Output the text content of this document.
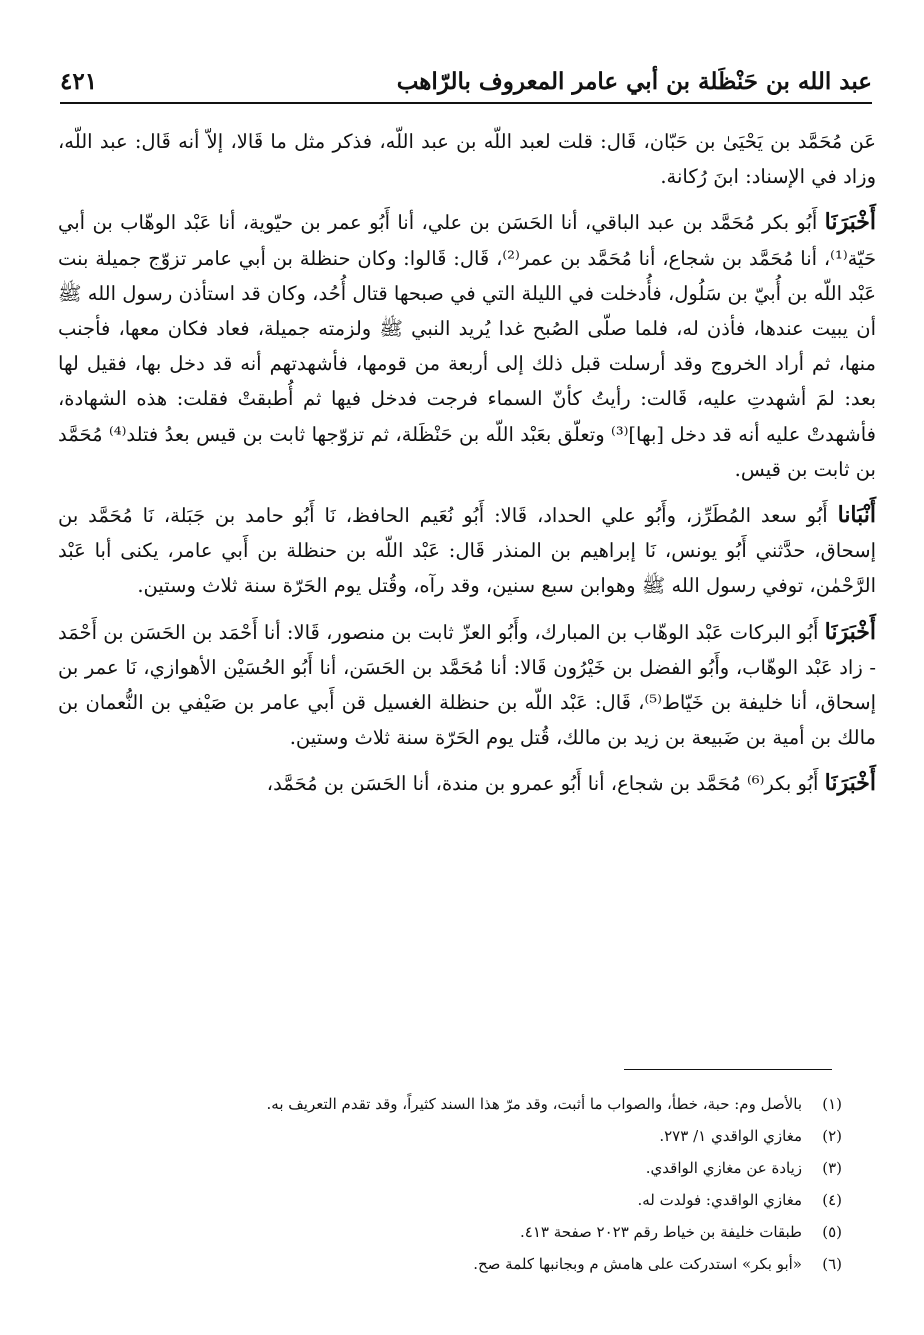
عبد الله بن حَنْظَلة بن أبي عامر المعروف بالرّاهب
٤٢١

عَن مُحَمَّد بن يَحْيَىٰ بن حَبّان، قَال: قلت لعبد اللّه بن عبد اللّه، فذكر مثل ما قَالا، إلاّ أنه قَال: عبد اللّه، وزاد في الإسناد: ابنَ رُكانة.

أَخْبَرَنَا أَبُو بكر مُحَمَّد بن عبد الباقي، أنا الحَسَن بن علي، أنا أَبُو عمر بن حيّوية، أنا عَبْد الوهّاب بن أبي حَيّة⁽¹⁾، أنا مُحَمَّد بن شجاع، أنا مُحَمَّد بن عمر⁽²⁾، قَال: قَالوا: وكان حنظلة بن أبي عامر تزوّج جميلة بنت عَبْد اللّه بن أُبيّ بن سَلُول، فأُدخلت في الليلة التي في صبحها قتال أُحُد، وكان قد استأذن رسول الله ﷺ أن يبيت عندها، فأذن له، فلما صلّى الصُبح غدا يُريد النبي ﷺ ولزمته جميلة، فعاد فكان معها، فأجنب منها، ثم أراد الخروج وقد أرسلت قبل ذلك إلى أربعة من قومها، فأشهدتهم أنه قد دخل بها، فقيل لها بعد: لمَ أشهدتِ عليه، قَالت: رأيتُ كأنّ السماء فرجت فدخل فيها ثم أُطبقتْ فقلت: هذه الشهادة، فأشهدتْ عليه أنه قد دخل [بها]⁽³⁾ وتعلّق بعَبْد اللّه بن حَنْظَلة، ثم تزوّجها ثابت بن قيس بعدُ فتلد⁽⁴⁾ مُحَمَّد بن ثابت بن قيس.

أَنْبَانا أَبُو سعد المُطَرِّز، وأَبُو علي الحداد، قَالا: أَبُو نُعَيم الحافظ، نَا أَبُو حامد بن جَبَلة، نَا مُحَمَّد بن إسحاق، حدَّثني أَبُو يونس، نَا إبراهيم بن المنذر قَال: عَبْد اللّه بن حنظلة بن أَبي عامر، يكنى أبا عَبْد الرَّحْمٰن، توفي رسول الله ﷺ وهوابن سبع سنين، وقد رآه، وقُتل يوم الحَرّة سنة ثلاث وستين.

أَخْبَرَنَا أَبُو البركات عَبْد الوهّاب بن المبارك، وأَبُو العزّ ثابت بن منصور، قَالا: أنا أَحْمَد بن الحَسَن بن أَحْمَد - زاد عَبْد الوهّاب، وأَبُو الفضل بن خَيْرُون قَالا: أنا مُحَمَّد بن الحَسَن، أنا أَبُو الحُسَيْن الأهوازي، نَا عمر بن إسحاق، أنا خليفة بن خَيّاط⁽⁵⁾، قَال: عَبْد اللّه بن حنظلة الغسيل قن أَبي عامر بن صَيْفي بن النُّعمان بن مالك بن أمية بن ضَبيعة بن زيد بن مالك، قُتل يوم الحَرّة سنة ثلاث وستين.

أَخْبَرَنَا أَبُو بكر⁽⁶⁾ مُحَمَّد بن شجاع، أنا أَبُو عمرو بن مندة، أنا الحَسَن بن مُحَمَّد،

(١)بالأصل وم: حبة، خطأ، والصواب ما أثبت، وقد مرّ هذا السند كثيراً، وقد تقدم التعريف به.
(٢)مغازي الواقدي ١/ ٢٧٣.
(٣)زيادة عن مغازي الواقدي.
(٤)مغازي الواقدي: فولدت له.
(٥)طبقات خليفة بن خياط رقم ٢٠٢٣ صفحة ٤١٣.
(٦)«أبو بكر» استدركت على هامش م وبجانبها كلمة صح.
